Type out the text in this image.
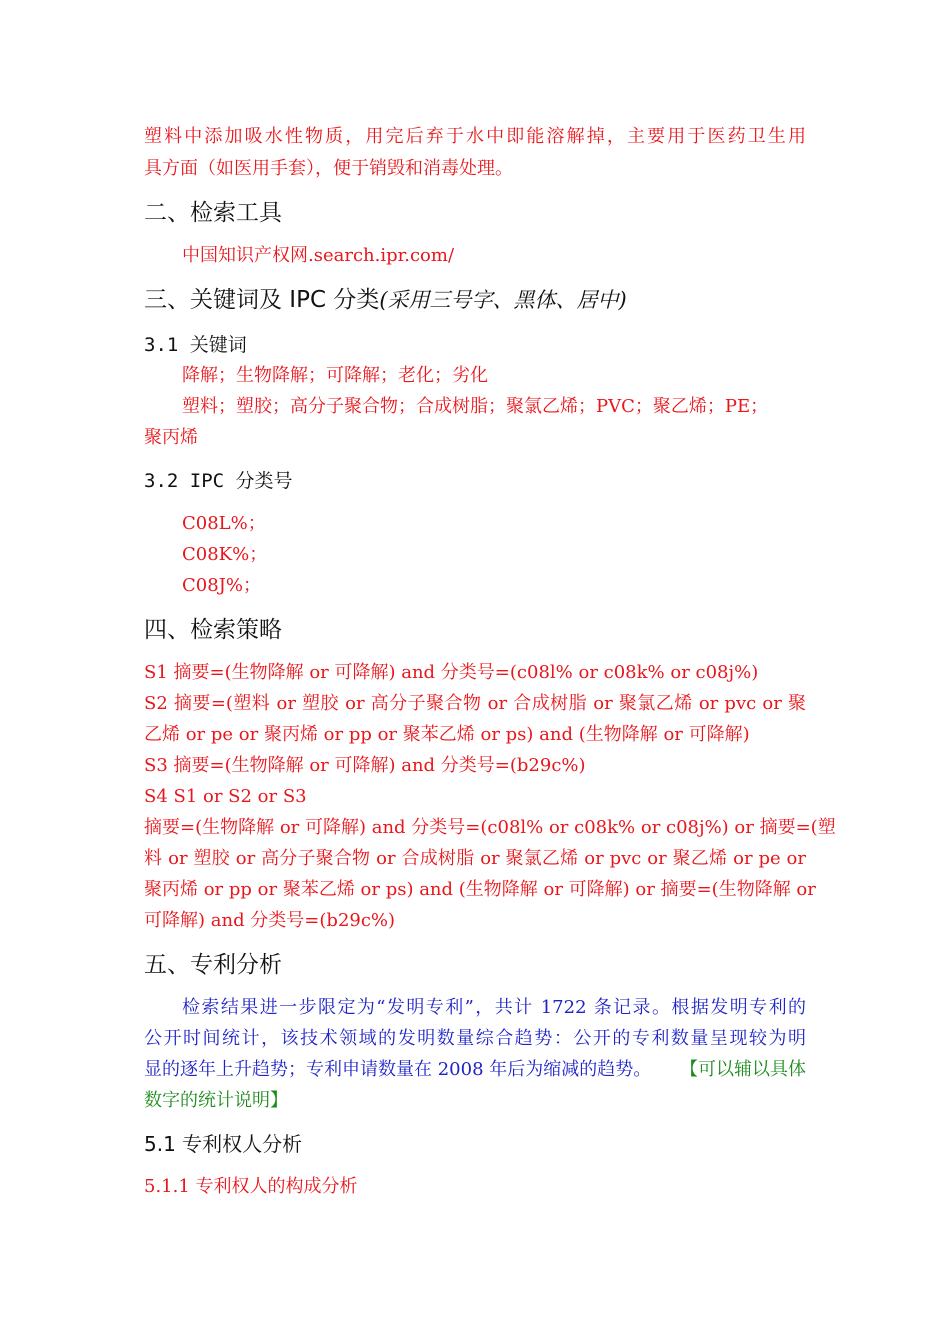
塑料中添加吸水性物质，用完后弃于水中即能溶解掉，主要用于医药卫生用
具方面（如医用手套），便于销毁和消毒处理。
二、检索工具
中国知识产权网.search.ipr.com/
三、关键词及 IPC 分类(采用三号字、黑体、居中)
3.1 关键词
降解；生物降解；可降解；老化；劣化
塑料；塑胶；高分子聚合物；合成树脂；聚氯乙烯；PVC；聚乙烯；PE；
聚丙烯
3.2 IPC 分类号
C08L%；
C08K%；
C08J%；
四、检索策略
S1 摘要=(生物降解 or 可降解) and 分类号=(c08l% or c08k% or c08j%)
S2 摘要=(塑料 or 塑胶 or 高分子聚合物 or 合成树脂 or 聚氯乙烯 or pvc or 聚
乙烯 or pe or 聚丙烯 or pp or 聚苯乙烯 or ps) and (生物降解 or 可降解)
S3 摘要=(生物降解 or 可降解) and 分类号=(b29c%)
S4 S1 or S2 or S3
摘要=(生物降解 or 可降解) and 分类号=(c08l% or c08k% or c08j%) or 摘要=(塑
料 or 塑胶 or 高分子聚合物 or 合成树脂 or 聚氯乙烯 or pvc or 聚乙烯 or pe or
聚丙烯 or pp or 聚苯乙烯 or ps) and (生物降解 or 可降解) or 摘要=(生物降解 or
可降解) and 分类号=(b29c%)
五、专利分析
检索结果进一步限定为“发明专利”，共计 1722 条记录。根据发明专利的
公开时间统计，该技术领域的发明数量综合趋势：公开的专利数量呈现较为明
显的逐年上升趋势；专利申请数量在 2008 年后为缩减的趋势。 【可以辅以具体
数字的统计说明】
5.1 专利权人分析
5.1.1 专利权人的构成分析
